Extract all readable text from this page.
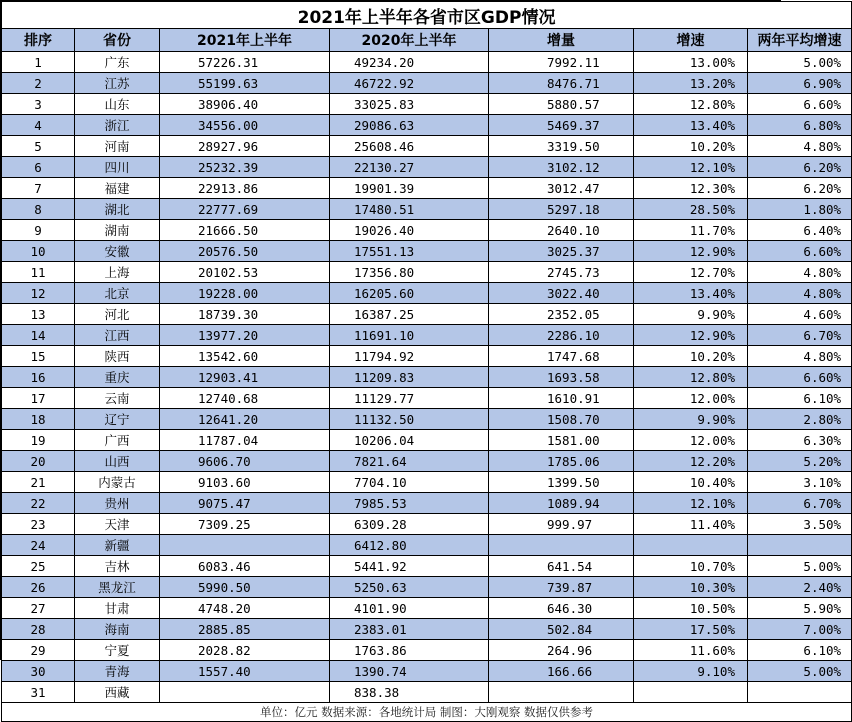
2021年上半年各省市区GDP情况						
排序	省份	2021年上半年	2020年上半年	增量	增速	两年平均增速
1	广东	57226.31	49234.20	7992.11	13.00%	5.00%
2	江苏	55199.63	46722.92	8476.71	13.20%	6.90%
3	山东	38906.40	33025.83	5880.57	12.80%	6.60%
4	浙江	34556.00	29086.63	5469.37	13.40%	6.80%
5	河南	28927.96	25608.46	3319.50	10.20%	4.80%
6	四川	25232.39	22130.27	3102.12	12.10%	6.20%
7	福建	22913.86	19901.39	3012.47	12.30%	6.20%
8	湖北	22777.69	17480.51	5297.18	28.50%	1.80%
9	湖南	21666.50	19026.40	2640.10	11.70%	6.40%
10	安徽	20576.50	17551.13	3025.37	12.90%	6.60%
11	上海	20102.53	17356.80	2745.73	12.70%	4.80%
12	北京	19228.00	16205.60	3022.40	13.40%	4.80%
13	河北	18739.30	16387.25	2352.05	9.90%	4.60%
14	江西	13977.20	11691.10	2286.10	12.90%	6.70%
15	陕西	13542.60	11794.92	1747.68	10.20%	4.80%
16	重庆	12903.41	11209.83	1693.58	12.80%	6.60%
17	云南	12740.68	11129.77	1610.91	12.00%	6.10%
18	辽宁	12641.20	11132.50	1508.70	9.90%	2.80%
19	广西	11787.04	10206.04	1581.00	12.00%	6.30%
20	山西	9606.70	7821.64	1785.06	12.20%	5.20%
21	内蒙古	9103.60	7704.10	1399.50	10.40%	3.10%
22	贵州	9075.47	7985.53	1089.94	12.10%	6.70%
23	天津	7309.25	6309.28	999.97	11.40%	3.50%
24	新疆		6412.80			
25	吉林	6083.46	5441.92	641.54	10.70%	5.00%
26	黑龙江	5990.50	5250.63	739.87	10.30%	2.40%
27	甘肃	4748.20	4101.90	646.30	10.50%	5.90%
28	海南	2885.85	2383.01	502.84	17.50%	7.00%
29	宁夏	2028.82	1763.86	264.96	11.60%	6.10%
30	青海	1557.40	1390.74	166.66	9.10%	5.00%
31	西藏		838.38			
单位：亿元 数据来源：各地统计局 制图：大刚观察 数据仅供参考						
